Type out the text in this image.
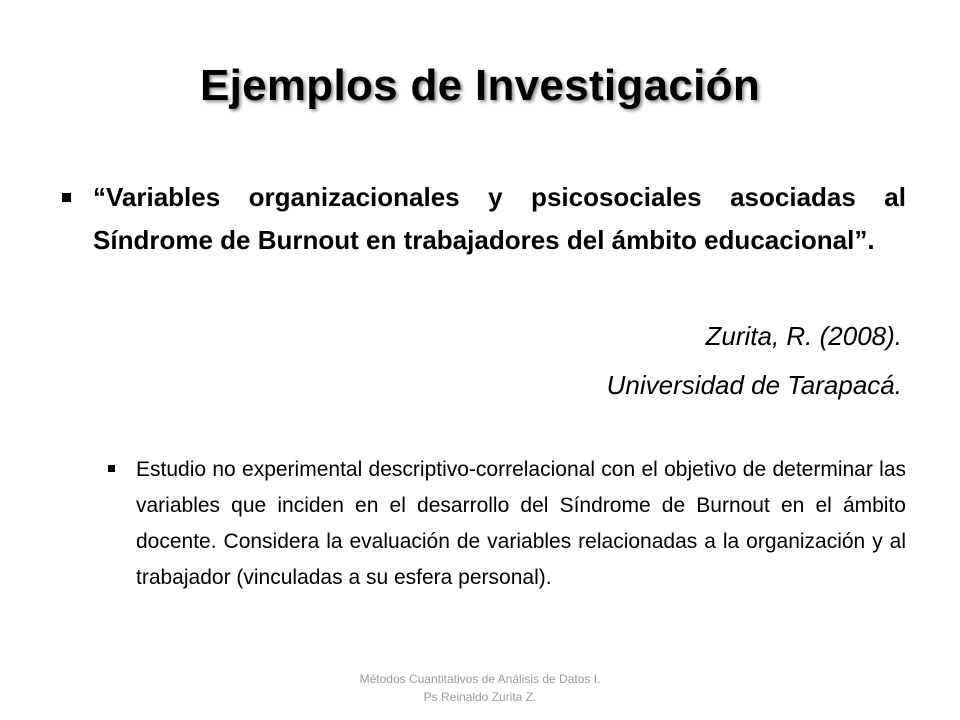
Ejemplos de Investigación
“Variables organizacionales y psicosociales asociadas al Síndrome de Burnout en trabajadores del ámbito educacional”.
Zurita, R. (2008).
Universidad de Tarapacá.
Estudio no experimental descriptivo-correlacional con el objetivo de determinar las variables que inciden en el desarrollo del Síndrome de Burnout en el ámbito docente. Considera la evaluación de variables relacionadas a la organización y al trabajador (vinculadas a su esfera personal).
Métodos Cuantitativos de Análisis de Datos I.
Ps Reinaldo Zurita Z.
